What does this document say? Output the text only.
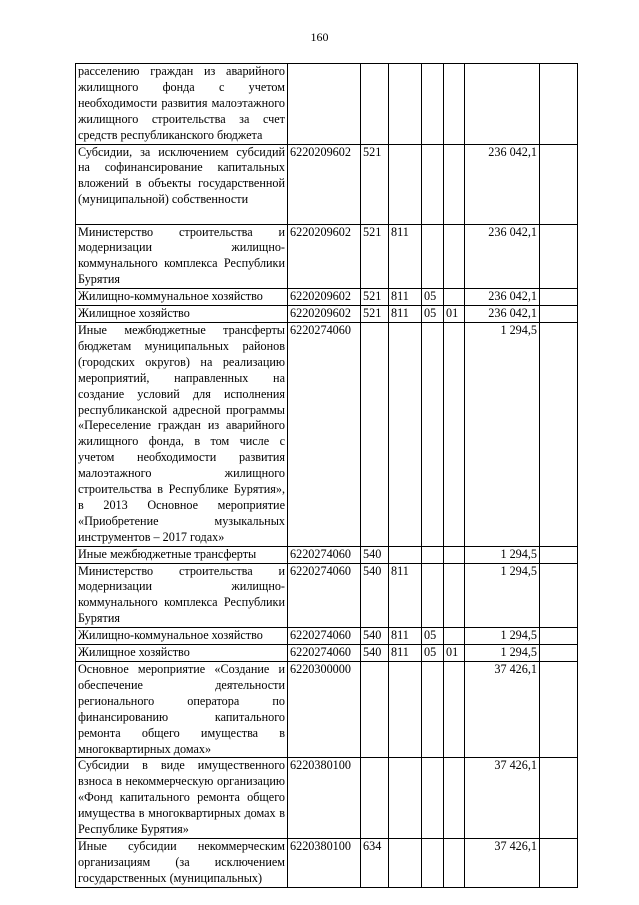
160
расселению граждан из аварийного жилищного фонда с учетом необходимости развития малоэтажного жилищного строительства за счет средств республиканского бюджета							
Субсидии, за исключением субсидий на софинансирование капитальных вложений в объекты государственной (муниципальной) собственности	6220209602	521				236 042,1	
Министерство строительства и модернизации жилищно-коммунального комплекса Республики Бурятия	6220209602	521	811			236 042,1	
Жилищно-коммунальное хозяйство	6220209602	521	811	05		236 042,1	
Жилищное хозяйство	6220209602	521	811	05	01	236 042,1	
Иные межбюджетные трансферты бюджетам муниципальных районов (городских округов) на реализацию мероприятий, направленных на создание условий для исполнения республиканской адресной программы «Переселение граждан из аварийного жилищного фонда, в том числе с учетом необходимости развития малоэтажного жилищного строительства в Республике Бурятия», в 2013 Основное мероприятие «Приобретение музыкальных инструментов – 2017 годах»	6220274060					1 294,5	
Иные межбюджетные трансферты	6220274060	540				1 294,5	
Министерство строительства и модернизации жилищно-коммунального комплекса Республики Бурятия	6220274060	540	811			1 294,5	
Жилищно-коммунальное хозяйство	6220274060	540	811	05		1 294,5	
Жилищное хозяйство	6220274060	540	811	05	01	1 294,5	
Основное мероприятие «Создание и обеспечение деятельности регионального оператора по финансированию капитального ремонта общего имущества в многоквартирных домах»	6220300000					37 426,1	
Субсидии в виде имущественного взноса в некоммерческую организацию «Фонд капитального ремонта общего имущества в многоквартирных домах в Республике Бурятия»	6220380100					37 426,1	
Иные субсидии некоммерческим организациям (за исключением государственных (муниципальных)	6220380100	634				37 426,1	
